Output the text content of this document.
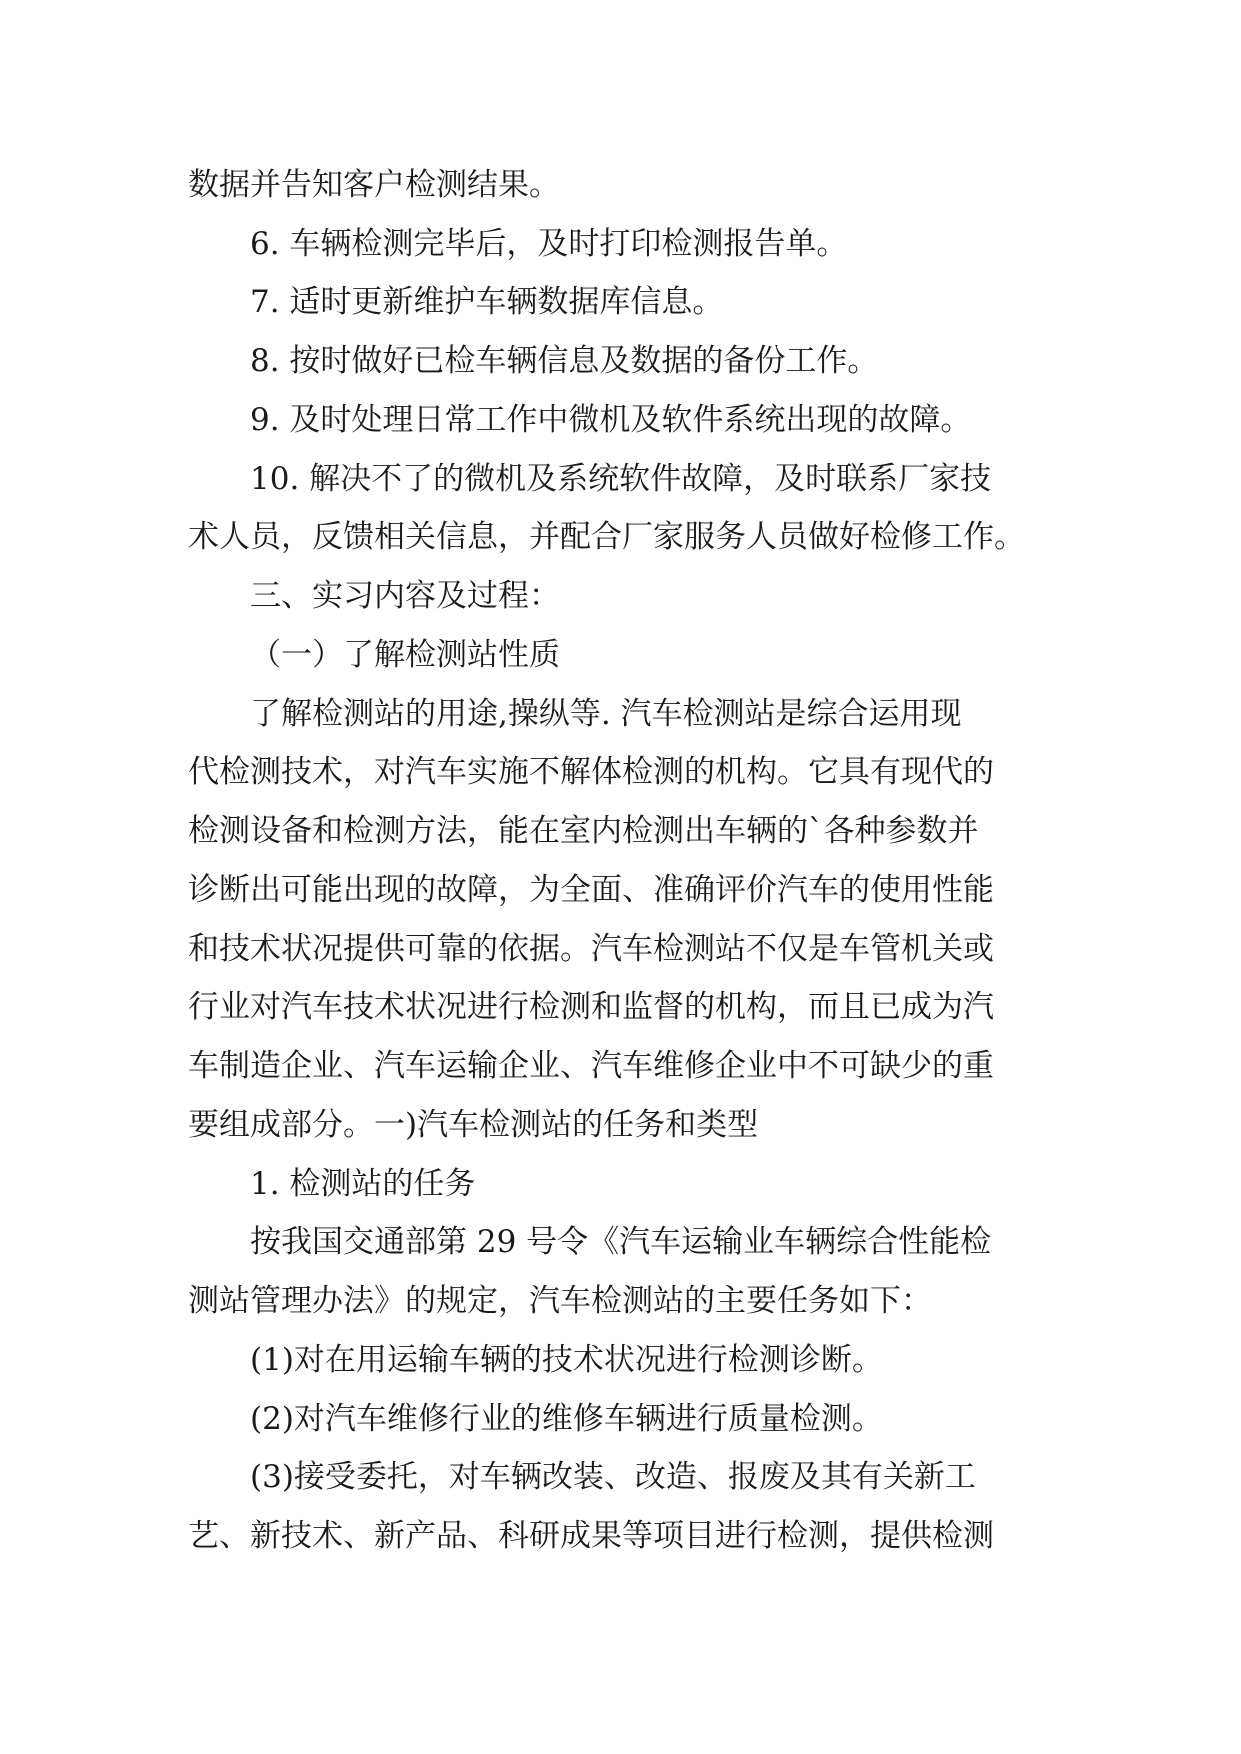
数据并告知客户检测结果。
6. 车辆检测完毕后，及时打印检测报告单。
7. 适时更新维护车辆数据库信息。
8. 按时做好已检车辆信息及数据的备份工作。
9. 及时处理日常工作中微机及软件系统出现的故障。
10. 解决不了的微机及系统软件故障，及时联系厂家技
术人员，反馈相关信息，并配合厂家服务人员做好检修工作。
三、实习内容及过程：
（一）了解检测站性质
了解检测站的用途,操纵等. 汽车检测站是综合运用现
代检测技术，对汽车实施不解体检测的机构。它具有现代的
检测设备和检测方法，能在室内检测出车辆的`各种参数并
诊断出可能出现的故障，为全面、准确评价汽车的使用性能
和技术状况提供可靠的依据。汽车检测站不仅是车管机关或
行业对汽车技术状况进行检测和监督的机构，而且已成为汽
车制造企业、汽车运输企业、汽车维修企业中不可缺少的重
要组成部分。一)汽车检测站的任务和类型
1. 检测站的任务
按我国交通部第 29 号令《汽车运输业车辆综合性能检
测站管理办法》的规定，汽车检测站的主要任务如下：
(1)对在用运输车辆的技术状况进行检测诊断。
(2)对汽车维修行业的维修车辆进行质量检测。
(3)接受委托，对车辆改装、改造、报废及其有关新工
艺、新技术、新产品、科研成果等项目进行检测，提供检测
